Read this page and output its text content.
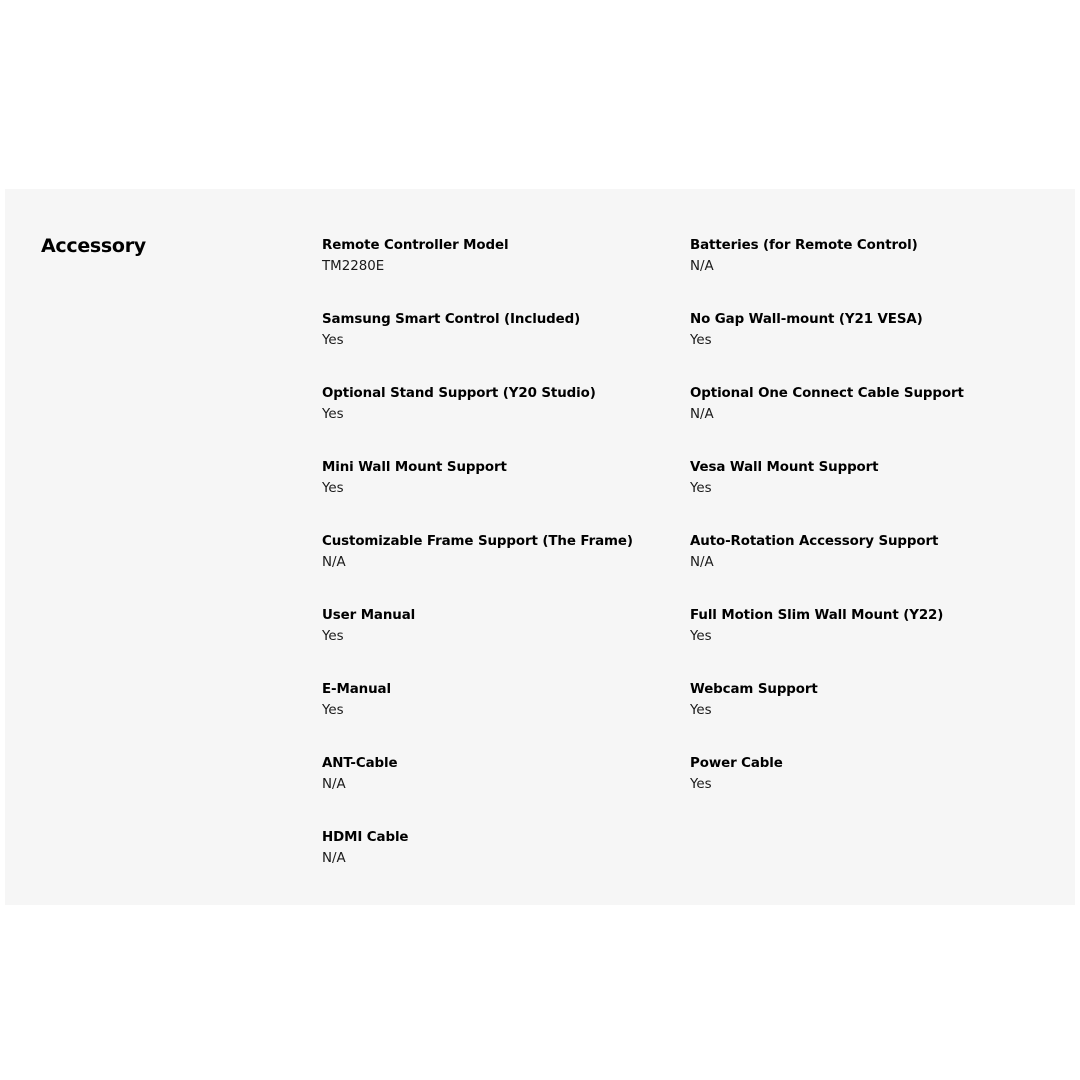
Accessory	Remote Controller Model
TM2280E
Batteries (for Remote Control)
N/A
Samsung Smart Control (Included)
Yes
No Gap Wall-mount (Y21 VESA)
Yes
Optional Stand Support (Y20 Studio)
Yes
Optional One Connect Cable Support
N/A
Mini Wall Mount Support
Yes
Vesa Wall Mount Support
Yes
Customizable Frame Support (The Frame)
N/A
Auto-Rotation Accessory Support
N/A
User Manual
Yes
Full Motion Slim Wall Mount (Y22)
Yes
E-Manual
Yes
Webcam Support
Yes
ANT-Cable
N/A
Power Cable
Yes
HDMI Cable
N/A
